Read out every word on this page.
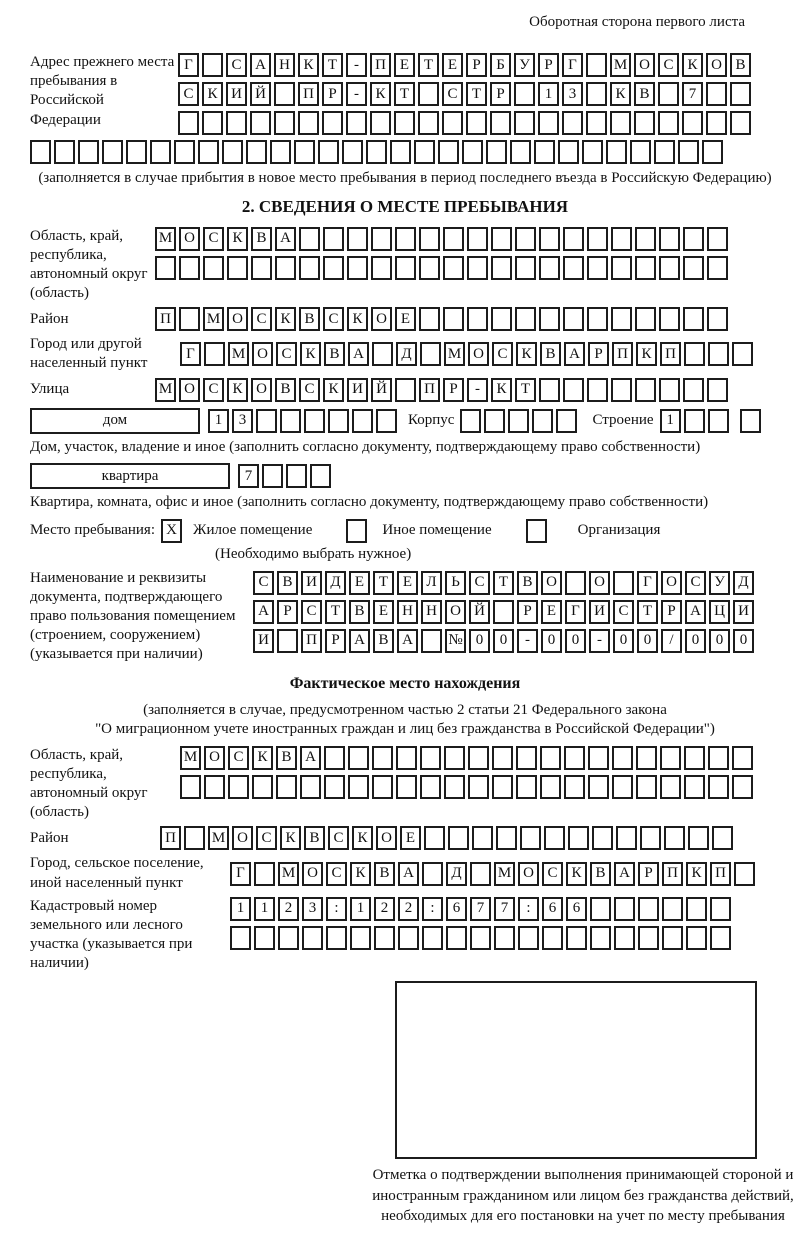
Оборотная сторона первого листа
Адрес прежнего места пребывания в Российской Федерации
Г	С А Н К Т	-	П Е Т Е	Р	Б У Р	Г	М О С К О В
С К И Й	П Р	-	К Т	С Т	Р	1	3	К В	7
(заполняется в случае прибытия в новое место пребывания в период последнего въезда в Российскую Федерацию)
2. СВЕДЕНИЯ О МЕСТЕ ПРЕБЫВАНИЯ
Область, край, республика, автономный округ (область)
М О С К В А
Район	П	М О С К В С К О Е
Город или другой населенный пункт
Г	М О С К В А	Д	М О С К В А Р П К П
Улица	М О С К О В С К И Й	П Р	-	К Т
дом	1	3	Корпус	Строение 1
Дом, участок, владение и иное (заполнить согласно документу, подтверждающему право собственности)
квартира	7
Квартира, комната, офис и иное (заполнить согласно документу, подтверждающему право собственности)
Место пребывания: Х	Жилое помещение	Иное помещение	Организация
(Необходимо выбрать нужное)
Наименование и реквизиты документа, подтверждающего право пользования помещением (строением, сооружением) (указывается при наличии)
С В И Д Е Т Е Л Ь С Т В О	О	Г О С У Д
А Р С Т В Е Н Н О Й	Р	Е	Г И С Т	Р А Ц И
И	П Р А В А	№ 0	0	-	0	0	-	0	0	/	0	0	0
Фактическое место нахождения
(заполняется в случае, предусмотренном частью 2 статьи 21 Федерального закона
"О миграционном учете иностранных граждан и лиц без гражданства в Российской Федерации")
Область, край, республика, автономный округ (область)
М О С К В А
Район	П	М О С К В С К О Е
Город, сельское поселение, иной населенный пункт
Г	М О С К В А	Д	М О С К В А Р П К П
Кадастровый номер земельного или лесного участка (указывается при наличии)
1	1	2	3	:	1	2	2	:	6	7	7	:	6	6
Отметка о подтверждении выполнения принимающей стороной и иностранным гражданином или лицом без гражданства действий, необходимых для его постановки на учет по месту пребывания
